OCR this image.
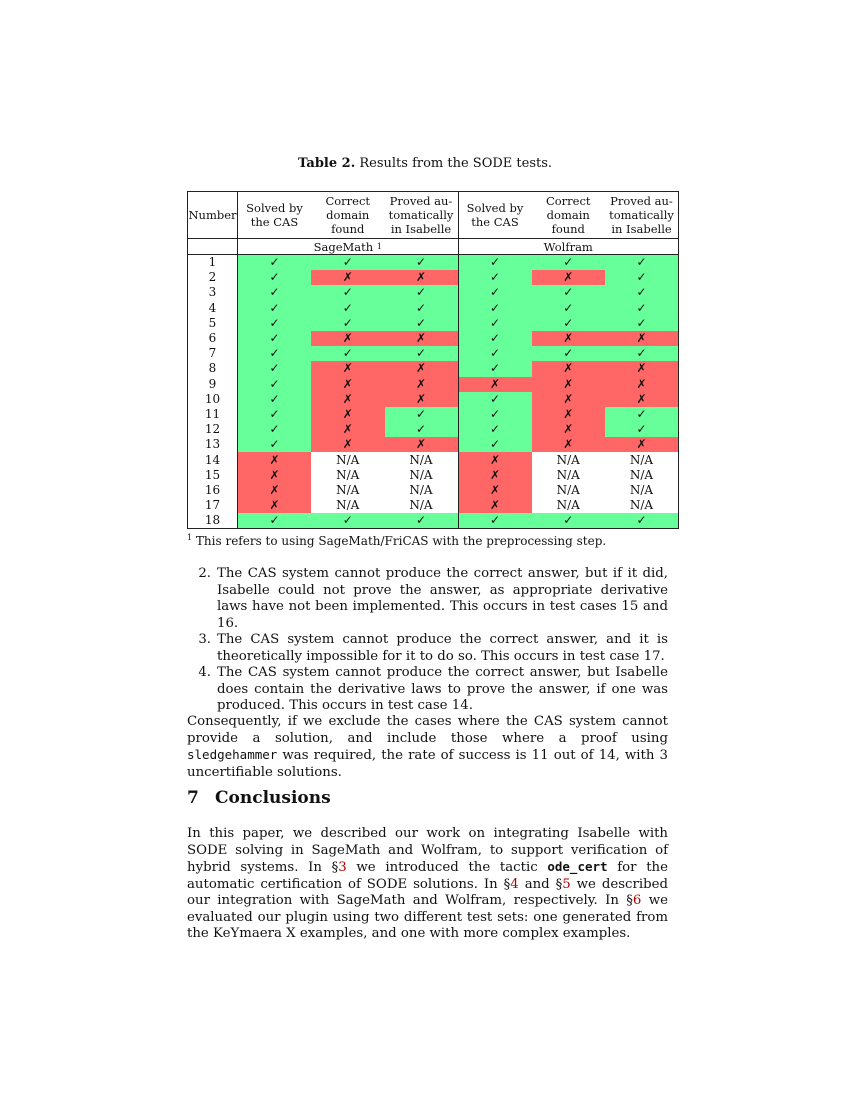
Table 2. Results from the SODE tests.
Number	Solved by the CAS	Correct domain found	Proved au- tomatically in Isabelle	Solved by the CAS	Correct domain found	Proved au- tomatically in Isabelle
	SageMath $^1$			Wolfram		
1	✓	✓	✓	✓	✓	✓
2	✓	✗	✗	✓	✗	✓
3	✓	✓	✓	✓	✓	✓
4	✓	✓	✓	✓	✓	✓
5	✓	✓	✓	✓	✓	✓
6	✓	✗	✗	✓	✗	✗
7	✓	✓	✓	✓	✓	✓
8	✓	✗	✗	✓	✗	✗
9	✓	✗	✗	✗	✗	✗
10	✓	✗	✗	✓	✗	✗
11	✓	✗	✓	✓	✗	✓
12	✓	✗	✓	✓	✗	✓
13	✓	✗	✗	✓	✗	✗
14	✗	N/A	N/A	✗	N/A	N/A
15	✗	N/A	N/A	✗	N/A	N/A
16	✗	N/A	N/A	✗	N/A	N/A
17	✗	N/A	N/A	✗	N/A	N/A
18	✓	✓	✓	✓	✓	✓
$^1$ This refers to using SageMath/FriCAS with the preprocessing step.
2. The CAS system cannot produce the correct answer, but if it did, Isabelle could not prove the answer, as appropriate derivative laws have not been implemented. This occurs in test cases 15 and 16.
3. The CAS system cannot produce the correct answer, and it is theoretically impossible for it to do so. This occurs in test case 17.
4. The CAS system cannot produce the correct answer, but Isabelle does contain the derivative laws to prove the answer, if one was produced. This occurs in test case 14.
Consequently, if we exclude the cases where the CAS system cannot provide a solution, and include those where a proof using sledgehammer was required, the rate of success is 11 out of 14, with 3 uncertifiable solutions.
7 Conclusions
In this paper, we described our work on integrating Isabelle with SODE solving in SageMath and Wolfram, to support verification of hybrid systems. In §3 we introduced the tactic ode_cert for the automatic certification of SODE solutions. In §4 and §5 we described our integration with SageMath and Wolfram, respectively. In §6 we evaluated our plugin using two different test sets: one generated from the KeYmaera X examples, and one with more complex examples.
